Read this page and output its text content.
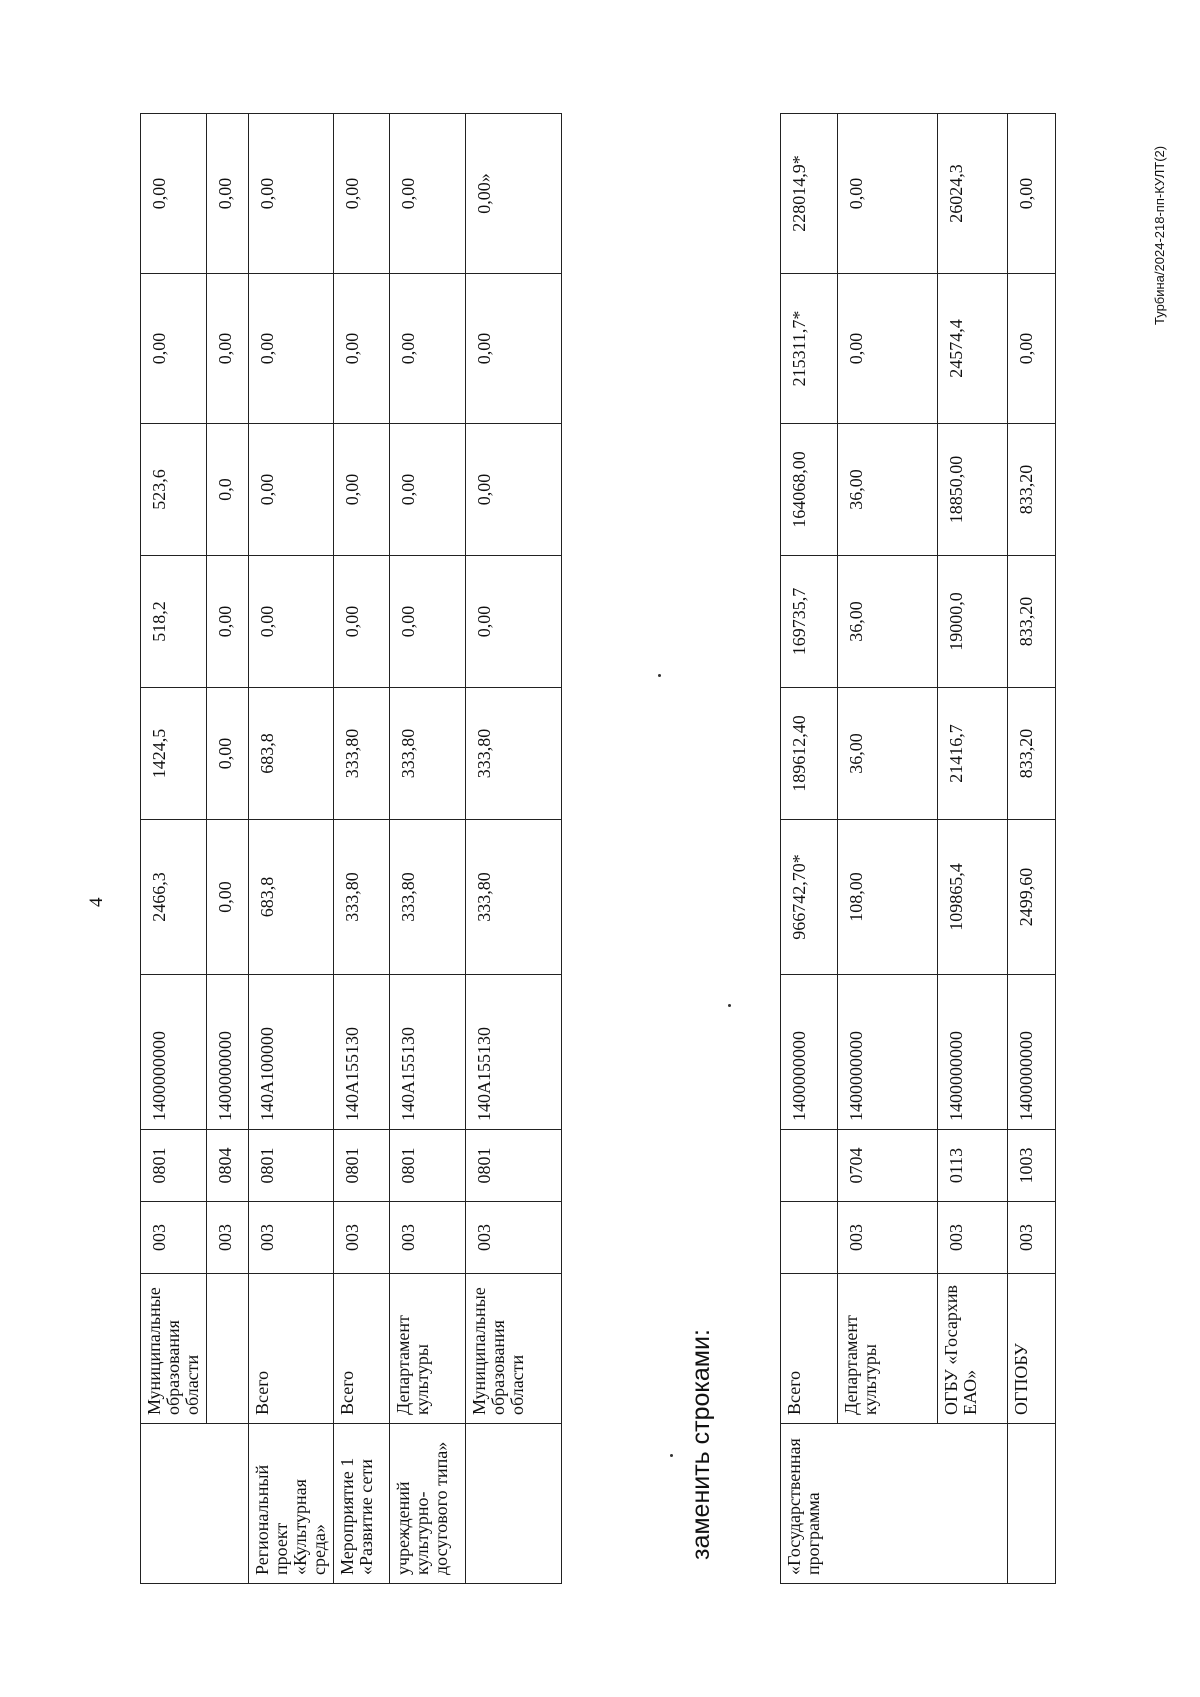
4
	Муниципальные образования области	003	0801	1400000000	2466,3	1424,5	518,2	523,6	0,00	0,00
		003	0804	1400000000	0,00	0,00	0,00	0,0	0,00	0,00
Региональный проект «Культурная среда»	Всего	003	0801	140А100000	683,8	683,8	0,00	0,00	0,00	0,00
Мероприятие 1 «Развитие сети	Всего	003	0801	140А155130	333,80	333,80	0,00	0,00	0,00	0,00
учреждений культурно-досугового типа»	Департамент культуры	003	0801	140А155130	333,80	333,80	0,00	0,00	0,00	0,00
	Муниципальные образования области	003	0801	140А155130	333,80	333,80	0,00	0,00	0,00	0,00»
заменить строками:	«Государственная программа	Всего			1400000000	966742,70*	189612,40	169735,7	164068,00	215311,7*	228014,9*
	Департамент культуры	003	0704	1400000000	108,00	36,00	36,00	36,00	0,00	0,00
	ОГБУ «Госархив ЕАО»	003	0113	1400000000	109865,4	21416,7	19000,0	18850,00	24574,4	26024,3
	ОГПОБУ	003	1003	1400000000	2499,60	833,20	833,20	833,20	0,00	0,00	Турбина/2024-218-пп-КУЛТ(2)
